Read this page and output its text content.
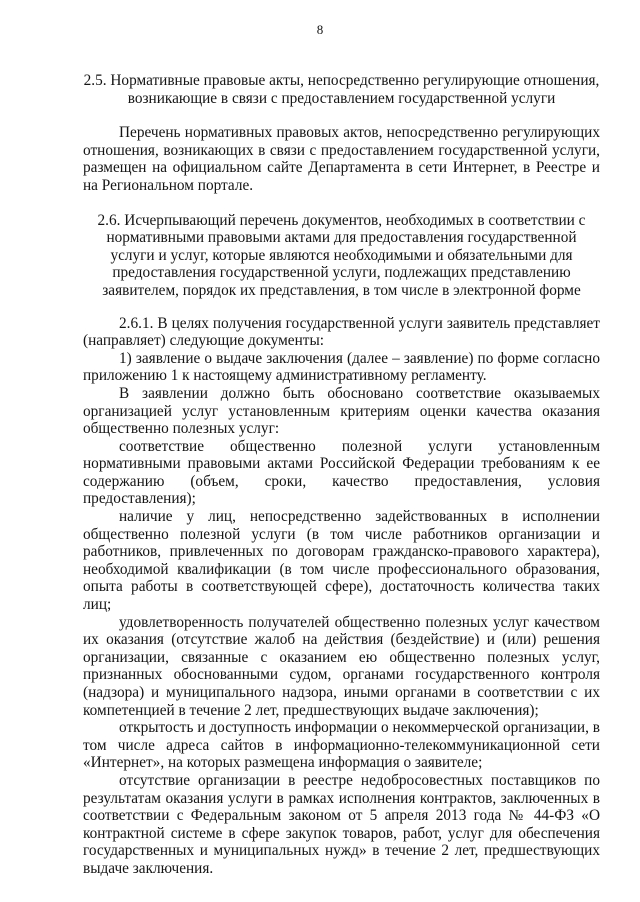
8

2.5. Нормативные правовые акты, непосредственно регулирующие отношения, возникающие в связи с предоставлением государственной услуги

Перечень нормативных правовых актов, непосредственно регулирующих отношения, возникающих в связи с предоставлением государственной услуги, размещен на официальном сайте Департамента в сети Интернет, в Реестре и на Региональном портале.

2.6. Исчерпывающий перечень документов, необходимых в соответствии с нормативными правовыми актами для предоставления государственной услуги и услуг, которые являются необходимыми и обязательными для предоставления государственной услуги, подлежащих представлению заявителем, порядок их представления, в том числе в электронной форме

2.6.1. В целях получения государственной услуги заявитель представляет (направляет) следующие документы:

1) заявление о выдаче заключения (далее – заявление) по форме согласно приложению 1 к настоящему административному регламенту.

В заявлении должно быть обосновано соответствие оказываемых организацией услуг установленным критериям оценки качества оказания общественно полезных услуг:

соответствие общественно полезной услуги установленным нормативными правовыми актами Российской Федерации требованиям к ее содержанию (объем, сроки, качество предоставления, условия предоставления);

наличие у лиц, непосредственно задействованных в исполнении общественно полезной услуги (в том числе работников организации и работников, привлеченных по договорам гражданско-правового характера), необходимой квалификации (в том числе профессионального образования, опыта работы в соответствующей сфере), достаточность количества таких лиц;

удовлетворенность получателей общественно полезных услуг качеством их оказания (отсутствие жалоб на действия (бездействие) и (или) решения организации, связанные с оказанием ею общественно полезных услуг, признанных обоснованными судом, органами государственного контроля (надзора) и муниципального надзора, иными органами в соответствии с их компетенцией в течение 2 лет, предшествующих выдаче заключения);

открытость и доступность информации о некоммерческой организации, в том числе адреса сайтов в информационно-телекоммуникационной сети «Интернет», на которых размещена информация о заявителе;

отсутствие организации в реестре недобросовестных поставщиков по результатам оказания услуги в рамках исполнения контрактов, заключенных в соответствии с Федеральным законом от 5 апреля 2013 года № 44-ФЗ «О контрактной системе в сфере закупок товаров, работ, услуг для обеспечения государственных и муниципальных нужд» в течение 2 лет, предшествующих выдаче заключения.
